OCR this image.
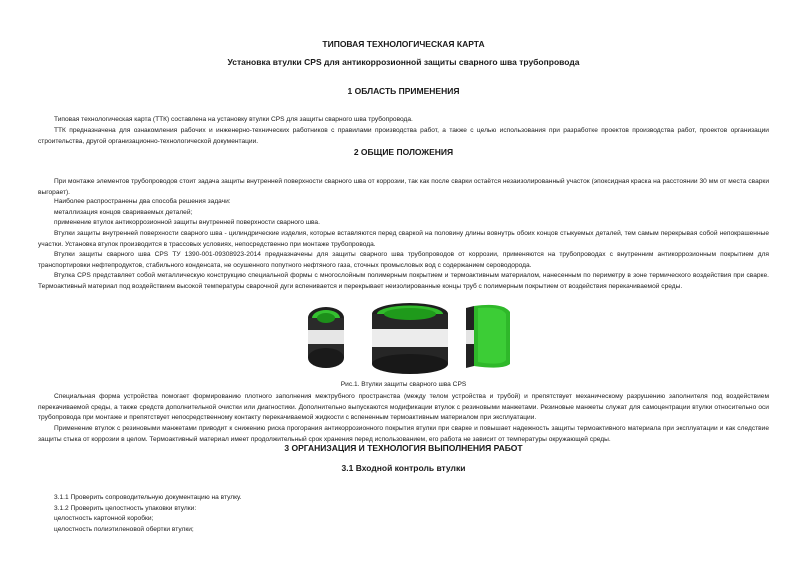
ТИПОВАЯ ТЕХНОЛОГИЧЕСКАЯ КАРТА
Установка втулки CPS для антикоррозионной защиты сварного шва трубопровода
1 ОБЛАСТЬ ПРИМЕНЕНИЯ
Типовая технологическая карта (ТТК) составлена на установку втулки CPS для защиты сварного шва трубопровода.
ТТК предназначена для ознакомления рабочих и инженерно-технических работников с правилами производства работ, а также с целью использования при разработке проектов производства работ, проектов организации строительства, другой организационно-технологической документации.
2 ОБЩИЕ ПОЛОЖЕНИЯ
При монтаже элементов трубопроводов стоит задача защиты внутренней поверхности сварного шва от коррозии, так как после сварки остаётся незаизолированный участок (эпоксидная краска на расстоянии 30 мм от места сварки выгорает).
Наиболее распространены два способа решения задачи:
металлизация концов свариваемых деталей;
применение втулок антикоррозионной защиты внутренней поверхности сварного шва.
Втулки защиты внутренней поверхности сварного шва - цилиндрические изделия, которые вставляются перед сваркой на половину длины вовнутрь обоих концов стыкуемых деталей, тем самым перекрывая собой непокрашенные участки. Установка втулок производится в трассовых условиях, непосредственно при монтаже трубопровода.
Втулки защиты сварного шва CPS ТУ 1390-001-09308923-2014 предназначены для защиты сварного шва трубопроводов от коррозии, применяются на трубопроводах с внутренним антикоррозионным покрытием для транспортировки нефтепродуктов, стабильного конденсата, не осушенного попутного нефтяного газа, сточных промысловых вод с содержанием сероводорода.
Втулка CPS представляет собой металлическую конструкцию специальной формы с многослойным полимерным покрытием и термоактивным материалом, нанесенным по периметру в зоне термического воздействия при сварке. Термоактивный материал под воздействием высокой температуры сварочной дуги вспенивается и перекрывает неизолированные концы труб с полимерным покрытием от воздействия перекачиваемой среды.
Рис.1. Втулки защиты сварного шва CPS
Специальная форма устройства помогает формированию плотного заполнения межтрубного пространства (между телом устройства и трубой) и препятствует механическому разрушению заполнителя под воздействием перекачиваемой среды, а также средств дополнительной очистки или диагностики. Дополнительно выпускаются модификации втулок с резиновыми манжетами. Резиновые манжеты служат для самоцентрации втулки относительно оси трубопровода при монтаже и препятствует непосредственному контакту перекачиваемой жидкости с вспененным термоактивным материалом при эксплуатации.
Применение втулок с резиновыми манжетами приводит к снижению риска прогорания антикоррозионного покрытия втулки при сварке и повышает надежность защиты термоактивного материала при эксплуатации и как следствие защиты стыка от коррозии в целом. Термоактивный материал имеет продолжительный срок хранения перед использованием, его работа не зависит от температуры окружающей среды.
3 ОРГАНИЗАЦИЯ И ТЕХНОЛОГИЯ ВЫПОЛНЕНИЯ РАБОТ
3.1 Входной контроль втулки
3.1.1 Проверить сопроводительную документацию на втулку.
3.1.2 Проверить целостность упаковки втулки:
целостность картонной коробки;
целостность полиэтиленовой обертки втулки;
